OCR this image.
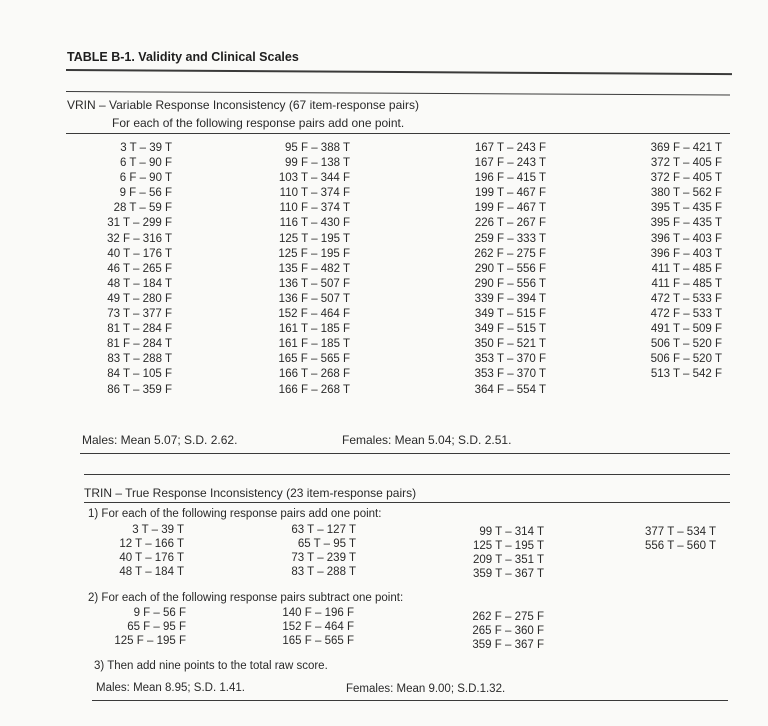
TABLE B-1. Validity and Clinical Scales
VRIN – Variable Response Inconsistency (67 item-response pairs)
For each of the following response pairs add one point.
3 T – 39 T
6 T – 90 F
6 F – 90 T
9 F – 56 F
28 T – 59 F
31 T – 299 F
32 F – 316 T
40 T – 176 T
46 T – 265 F
48 T – 184 T
49 T – 280 F
73 T – 377 F
81 T – 284 F
81 F – 284 T
83 T – 288 T
84 T – 105 F
86 T – 359 F
95 F – 388 T
99 F – 138 T
103 T – 344 F
110 T – 374 F
110 F – 374 T
116 T – 430 F
125 T – 195 T
125 F – 195 F
135 F – 482 T
136 T – 507 F
136 F – 507 T
152 F – 464 F
161 T – 185 F
161 F – 185 T
165 F – 565 F
166 T – 268 F
166 F – 268 T
167 T – 243 F
167 F – 243 T
196 F – 415 T
199 T – 467 F
199 F – 467 T
226 T – 267 F
259 F – 333 T
262 F – 275 F
290 T – 556 F
290 F – 556 T
339 F – 394 T
349 T – 515 F
349 F – 515 T
350 F – 521 T
353 T – 370 F
353 F – 370 T
364 F – 554 T
369 F – 421 T
372 T – 405 F
372 F – 405 T
380 T – 562 F
395 T – 435 F
395 F – 435 T
396 T – 403 F
396 F – 403 T
411 T – 485 F
411 F – 485 T
472 T – 533 F
472 F – 533 T
491 T – 509 F
506 T – 520 F
506 F – 520 T
513 T – 542 F
Males: Mean 5.07; S.D. 2.62.	Females: Mean 5.04; S.D. 2.51.
TRIN – True Response Inconsistency (23 item-response pairs)
1) For each of the following response pairs add one point:
3 T – 39 T
12 T – 166 T
40 T – 176 T
48 T – 184 T
63 T – 127 T
65 T – 95 T
73 T – 239 T
83 T – 288 T
99 T – 314 T
125 T – 195 T
209 T – 351 T
359 T – 367 T
377 T – 534 T
556 T – 560 T
2) For each of the following response pairs subtract one point:
9 F – 56 F
65 F – 95 F
125 F – 195 F
140 F – 196 F
152 F – 464 F
165 F – 565 F
262 F – 275 F
265 F – 360 F
359 F – 367 F
3) Then add nine points to the total raw score.
Males: Mean 8.95; S.D. 1.41.	Females: Mean 9.00; S.D.1.32.
